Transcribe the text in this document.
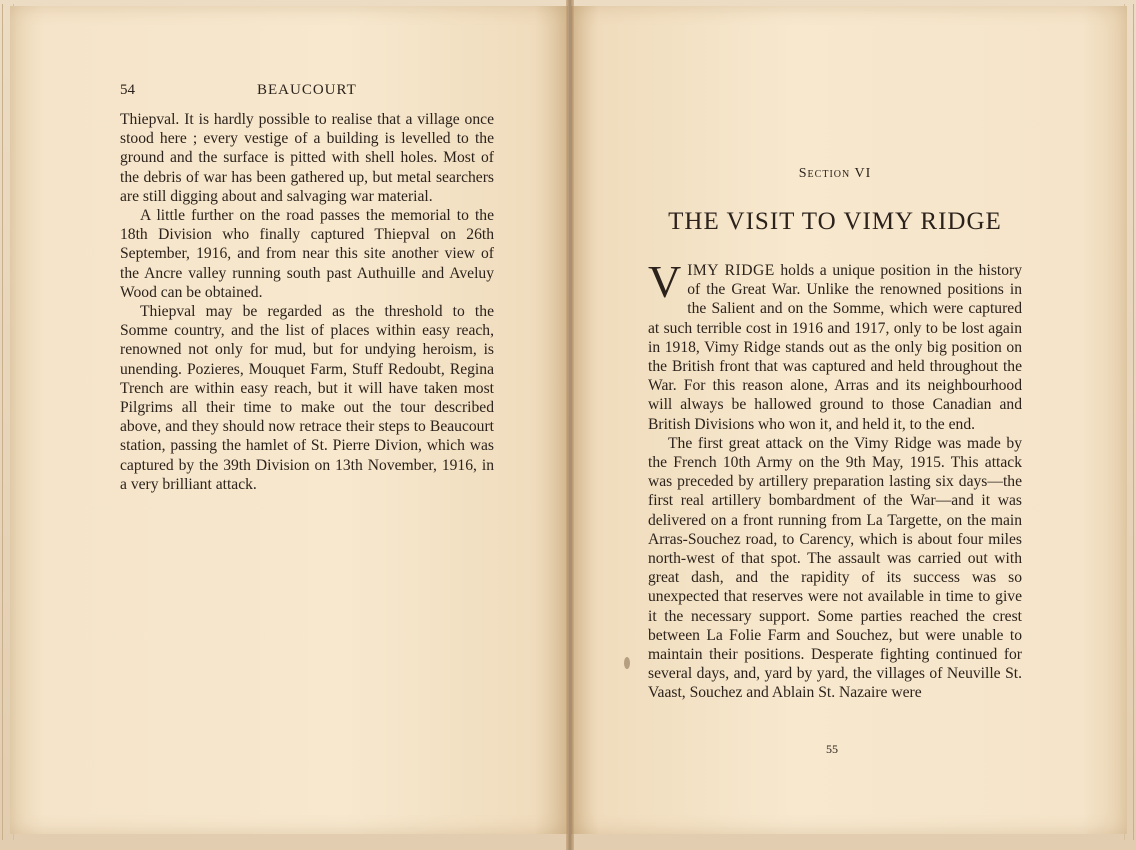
54	BEAUCOURT

Thiepval. It is hardly possible to realise that a village once stood here ; every vestige of a building is levelled to the ground and the surface is pitted with shell holes. Most of the debris of war has been gathered up, but metal searchers are still digging about and salvaging war material.

A little further on the road passes the memorial to the 18th Division who finally captured Thiepval on 26th September, 1916, and from near this site another view of the Ancre valley running south past Authuille and Aveluy Wood can be obtained.

Thiepval may be regarded as the threshold to the Somme country, and the list of places within easy reach, renowned not only for mud, but for undying heroism, is unending. Pozieres, Mouquet Farm, Stuff Redoubt, Regina Trench are within easy reach, but it will have taken most Pilgrims all their time to make out the tour described above, and they should now retrace their steps to Beaucourt station, passing the hamlet of St. Pierre Divion, which was captured by the 39th Division on 13th November, 1916, in a very brilliant attack.

Section VI
THE VISIT TO VIMY RIDGE

VIMY RIDGE holds a unique position in the history of the Great War. Unlike the renowned positions in the Salient and on the Somme, which were captured at such terrible cost in 1916 and 1917, only to be lost again in 1918, Vimy Ridge stands out as the only big position on the British front that was captured and held throughout the War. For this reason alone, Arras and its neighbourhood will always be hallowed ground to those Canadian and British Divisions who won it, and held it, to the end.

The first great attack on the Vimy Ridge was made by the French 10th Army on the 9th May, 1915. This attack was preceded by artillery preparation lasting six days—the first real artillery bombardment of the War—and it was delivered on a front running from La Targette, on the main Arras-Souchez road, to Carency, which is about four miles north-west of that spot. The assault was carried out with great dash, and the rapidity of its success was so unexpected that reserves were not available in time to give it the necessary support. Some parties reached the crest between La Folie Farm and Souchez, but were unable to maintain their positions. Desperate fighting continued for several days, and, yard by yard, the villages of Neuville St. Vaast, Souchez and Ablain St. Nazaire were

55
